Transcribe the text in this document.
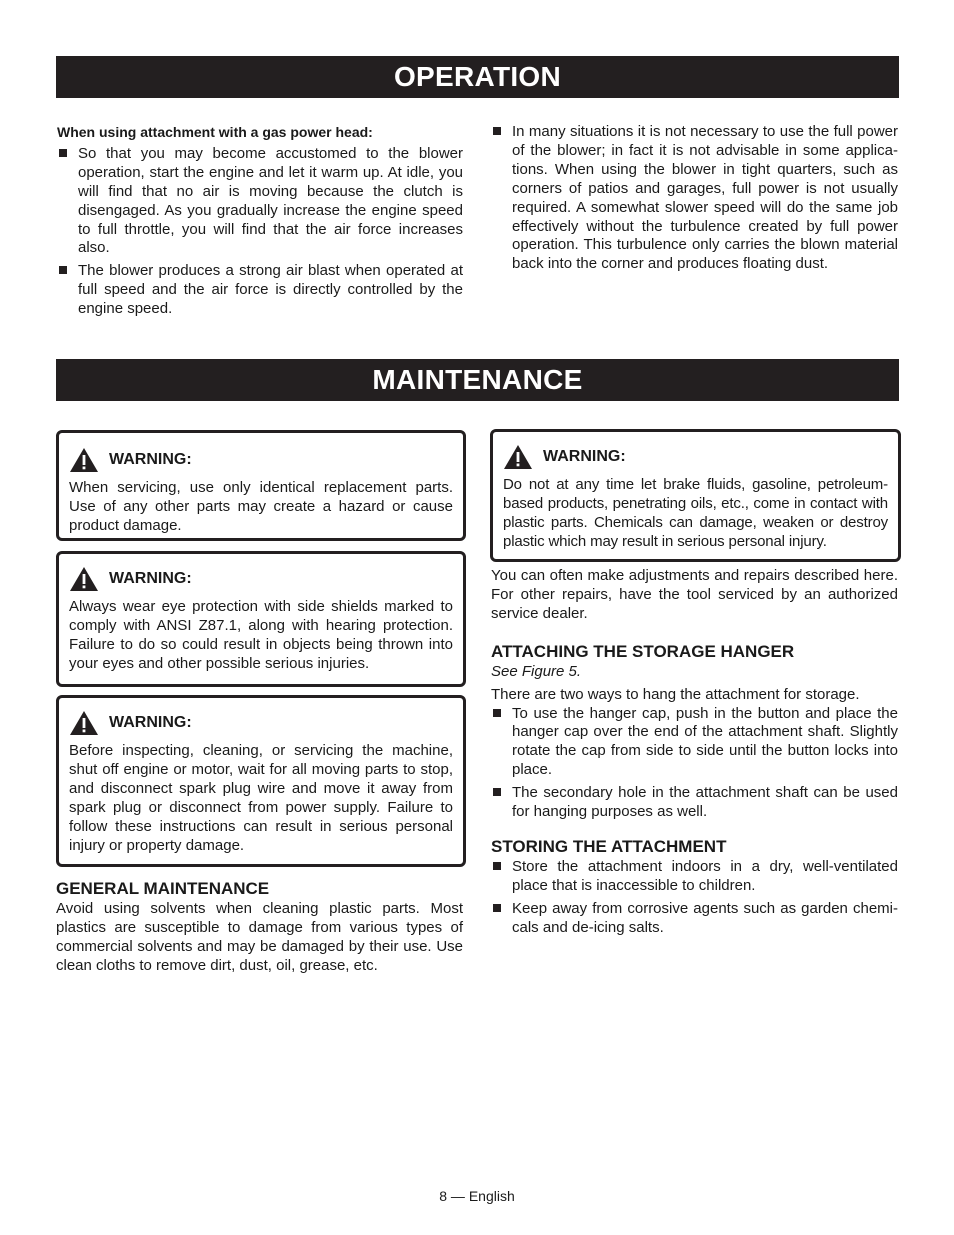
OPERATION

When using attachment with a gas power head:

So that you may become accustomed to the blower operation, start the engine and let it warm up. At idle, you will find that no air is moving because the clutch is disengaged. As you gradually increase the engine speed to full throttle, you will find that the air force increases also.
The blower produces a strong air blast when operated at full speed and the air force is directly controlled by the engine speed.
In many situations it is not necessary to use the full power of the blower; in fact it is not advisable in some applications. When using the blower in tight quarters, such as corners of patios and garages, full power is not usually required. A somewhat slower speed will do the same job effectively without the turbulence created by full power operation. This turbulence only carries the blown material back into the corner and produces floating dust.
MAINTENANCE
WARNING:

When servicing, use only identical replacement parts. Use of any other parts may create a hazard or cause product damage.

WARNING:

Always wear eye protection with side shields marked to comply with ANSI Z87.1, along with hearing protection. Failure to do so could result in objects being thrown into your eyes and other possible serious injuries.

WARNING:

Before inspecting, cleaning, or servicing the machine, shut off engine or motor, wait for all moving parts to stop, and disconnect spark plug wire and move it away from spark plug or disconnect from power supply. Failure to follow these instructions can result in serious personal injury or property damage.

GENERAL MAINTENANCE

Avoid using solvents when cleaning plastic parts. Most plastics are susceptible to damage from various types of commercial solvents and may be damaged by their use. Use clean cloths to remove dirt, dust, oil, grease, etc.

WARNING:

Do not at any time let brake fluids, gasoline, petroleum-based products, penetrating oils, etc., come in contact with plastic parts. Chemicals can damage, weaken or destroy plastic which may result in serious personal injury.

You can often make adjustments and repairs described here. For other repairs, have the tool serviced by an authorized service dealer.

ATTACHING THE STORAGE HANGER

See Figure 5.

There are two ways to hang the attachment for storage.

To use the hanger cap, push in the button and place the hanger cap over the end of the attachment shaft. Slightly rotate the cap from side to side until the button locks into place.
The secondary hole in the attachment shaft can be used for hanging purposes as well.
STORING THE ATTACHMENT
Store the attachment indoors in a dry, well-ventilated place that is inaccessible to children.
Keep away from corrosive agents such as garden chemicals and de-icing salts.
8 — English
